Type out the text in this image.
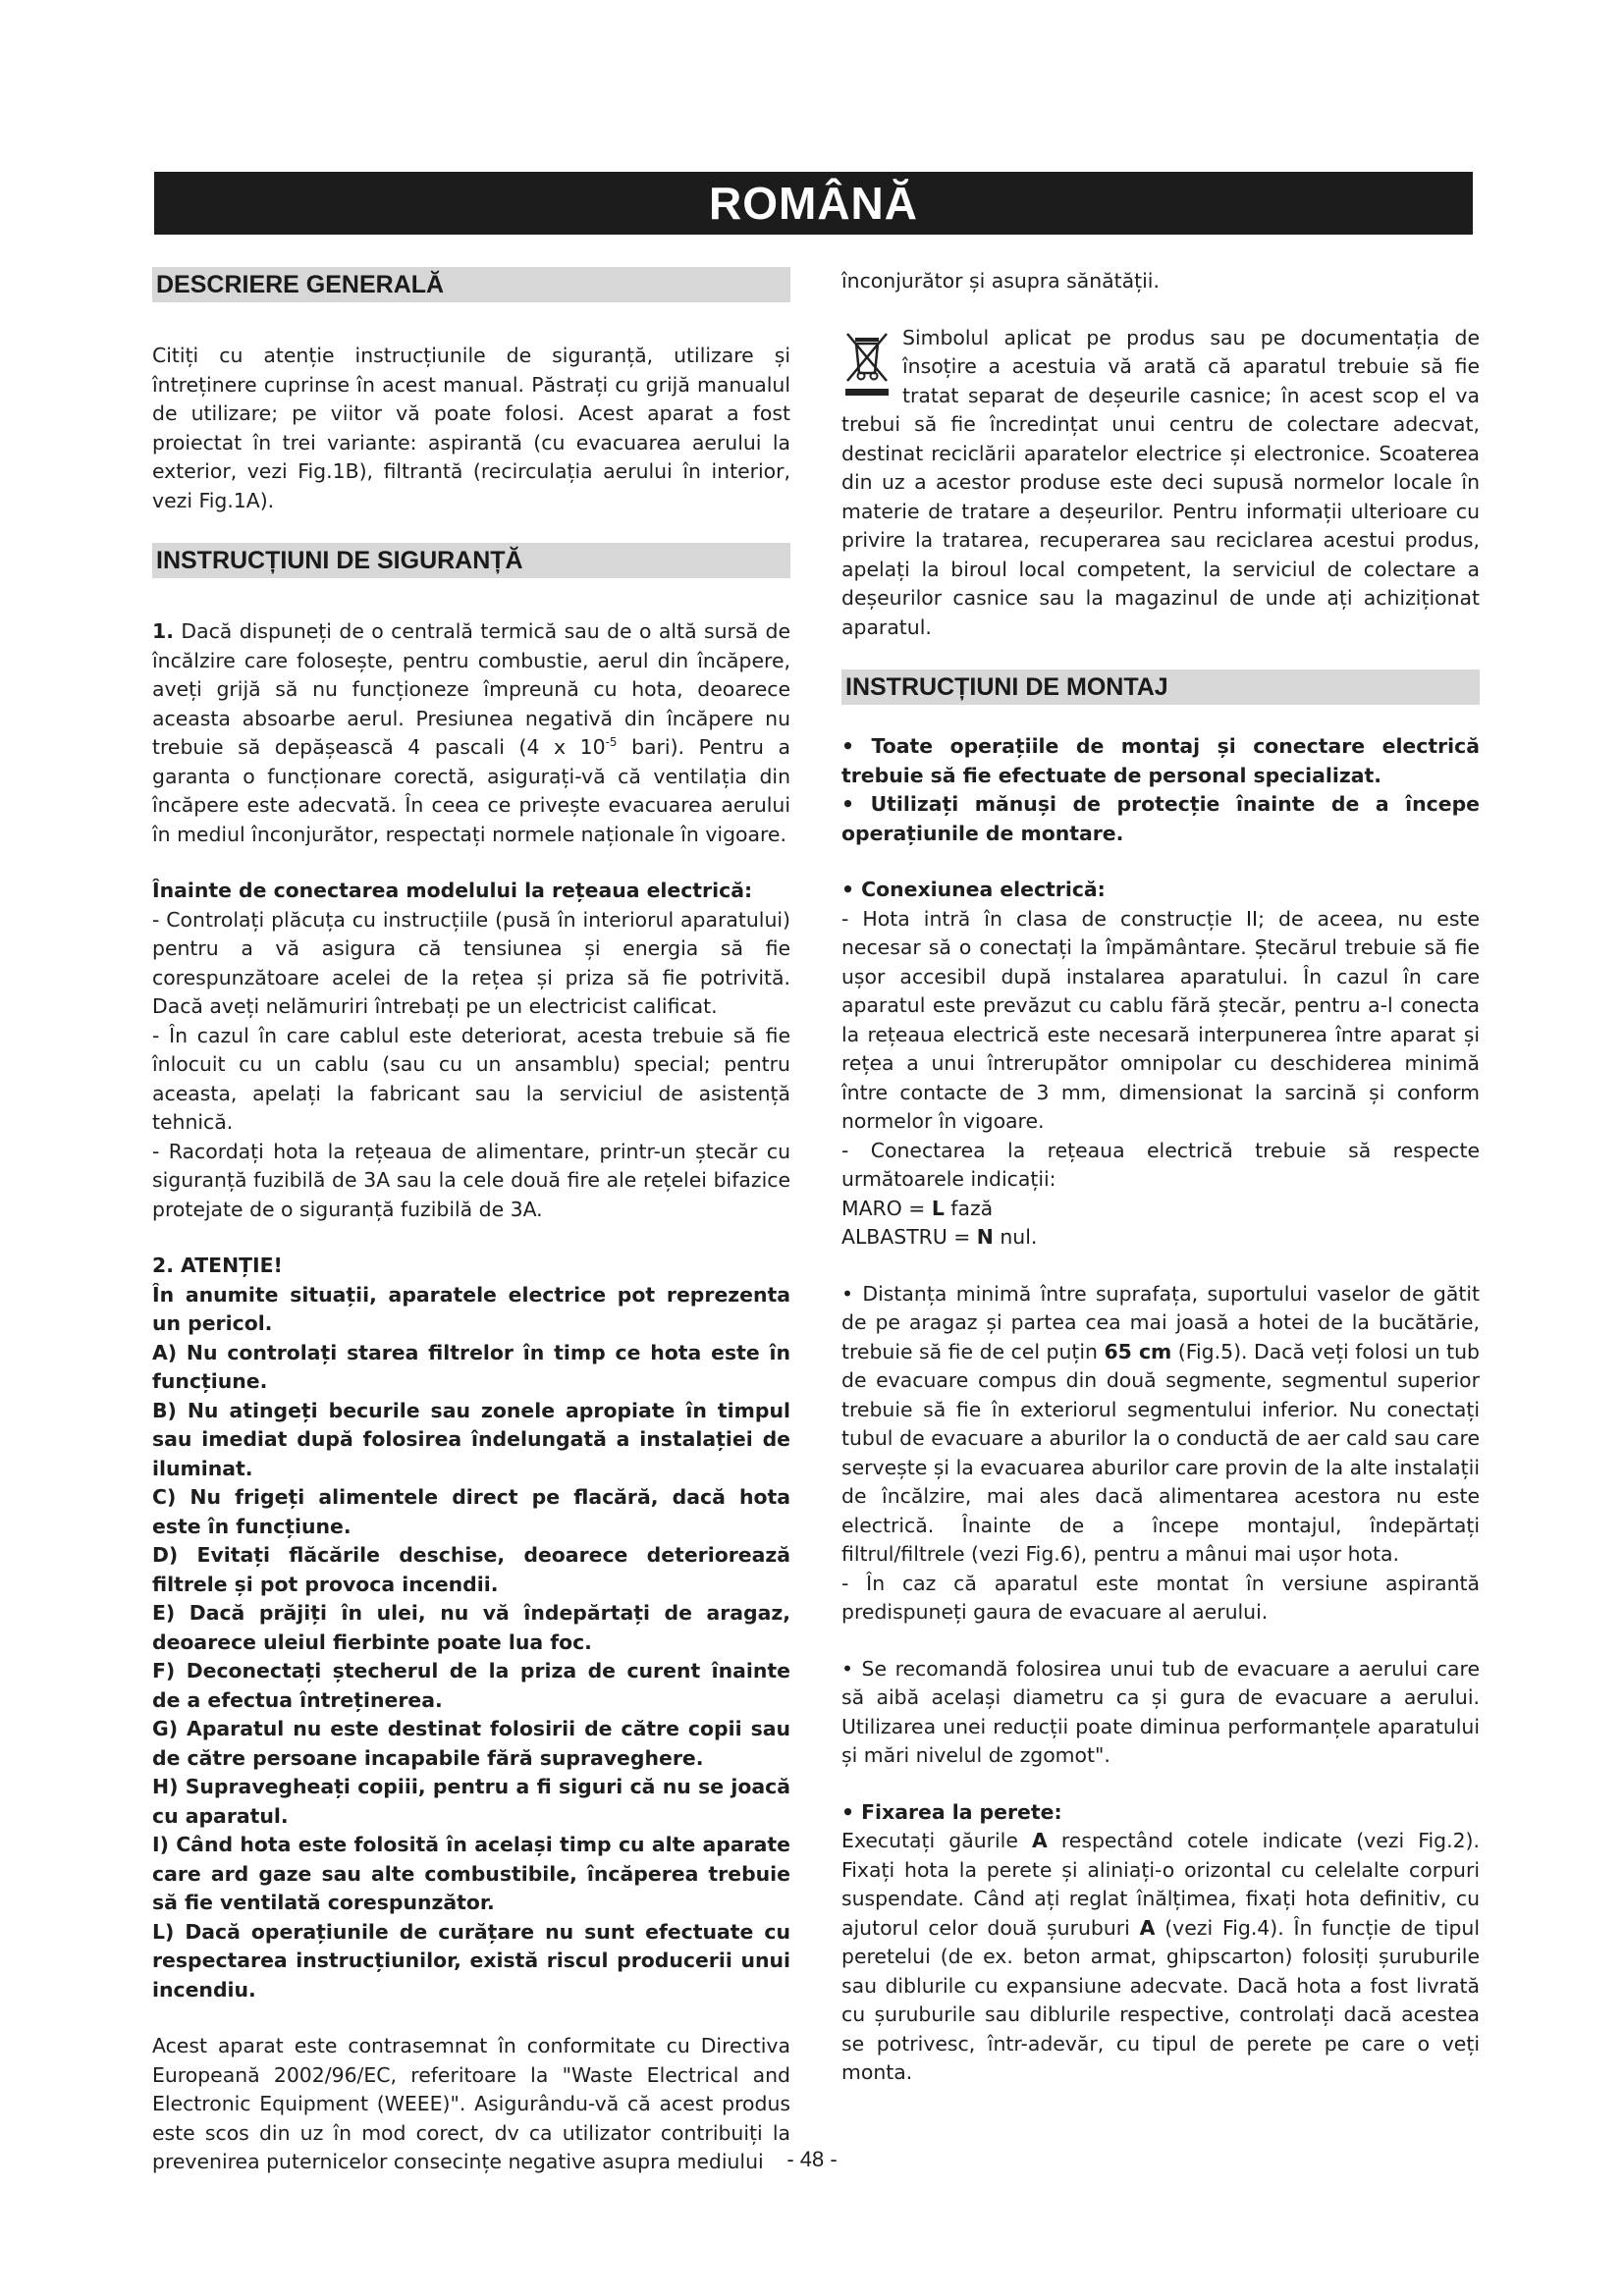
ROMÂNĂ	R
DESCRIERE GENERALĂ

Citiți cu atenție instrucțiunile de siguranță, utilizare și întreținere cuprinse în acest manual. Păstrați cu grijă manualul de utilizare; pe viitor vă poate folosi. Acest aparat a fost proiectat în trei variante: aspirantă (cu evacuarea aerului la exterior, vezi Fig.1B), filtrantă (recirculația aerului în interior, vezi Fig.1A).

INSTRUCȚIUNI DE SIGURANȚĂ

1. Dacă dispuneți de o centrală termică sau de o altă sursă de încălzire care folosește, pentru combustie, aerul din încăpere, aveți grijă să nu funcționeze împreună cu hota, deoarece aceasta absoarbe aerul. Presiunea negativă din încăpere nu trebuie să depășească 4 pascali (4 x $10^{-5}$ bari). Pentru a garanta o funcționare corectă, asigurați-vă că ventilația din încăpere este adecvată. În ceea ce privește evacuarea aerului în mediul înconjurător, respectați normele naționale în vigoare.

Înainte de conectarea modelului la rețeaua electrică:

- Controlați plăcuța cu instrucțiile (pusă în interiorul aparatului) pentru a vă asigura că tensiunea și energia să fie corespunzătoare acelei de la rețea și priza să fie potrivită. Dacă aveți nelămuriri întrebați pe un electricist calificat.

- În cazul în care cablul este deteriorat, acesta trebuie să fie înlocuit cu un cablu (sau cu un ansamblu) special; pentru aceasta, apelați la fabricant sau la serviciul de asistență tehnică.

- Racordați hota la rețeaua de alimentare, printr-un ștecăr cu siguranță fuzibilă de 3A sau la cele două fire ale rețelei bifazice protejate de o siguranță fuzibilă de 3A.

2. ATENȚIE!

În anumite situații, aparatele electrice pot reprezenta un pericol.

A) Nu controlați starea filtrelor în timp ce hota este în funcțiune.

B) Nu atingeți becurile sau zonele apropiate în timpul sau imediat după folosirea îndelungată a instalației de iluminat.

C) Nu frigeți alimentele direct pe flacără, dacă hota este în funcțiune.

D) Evitați flăcările deschise, deoarece deteriorează filtrele și pot provoca incendii.

E) Dacă prăjiți în ulei, nu vă îndepărtați de aragaz, deoarece uleiul fierbinte poate lua foc.

F) Deconectați ștecherul de la priza de curent înainte de a efectua întreținerea.

G) Aparatul nu este destinat folosirii de către copii sau de către persoane incapabile fără supraveghere.

H) Supravegheați copiii, pentru a fi siguri că nu se joacă cu aparatul.

I) Când hota este folosită în același timp cu alte aparate care ard gaze sau alte combustibile, încăperea trebuie să fie ventilată corespunzător.

L) Dacă operațiunile de curățare nu sunt efectuate cu respectarea instrucțiunilor, există riscul producerii unui incendiu.

Acest aparat este contrasemnat în conformitate cu Directiva Europeană 2002/96/EC, referitoare la "Waste Electrical and Electronic Equipment (WEEE)". Asigurându-vă că acest produs este scos din uz în mod corect, dv ca utilizator contribuiți la prevenirea puternicelor consecințe negative asupra mediului

înconjurător și asupra sănătății.

Simbolul aplicat pe produs sau pe documentația de însoțire a acestuia vă arată că aparatul trebuie să fie tratat separat de deșeurile casnice; în acest scop el va trebui să fie încredințat unui centru de colectare adecvat, destinat reciclării aparatelor electrice și electronice. Scoaterea din uz a acestor produse este deci supusă normelor locale în materie de tratare a deșeurilor. Pentru informații ulterioare cu privire la tratarea, recuperarea sau reciclarea acestui produs, apelați la biroul local competent, la serviciul de colectare a deșeurilor casnice sau la magazinul de unde ați achiziționat aparatul.

INSTRUCȚIUNI DE MONTAJ

• Toate operațiile de montaj și conectare electrică trebuie să fie efectuate de personal specializat.

• Utilizați mănuși de protecție înainte de a începe operațiunile de montare.

• Conexiunea electrică:

- Hota intră în clasa de construcție II; de aceea, nu este necesar să o conectați la împământare. Ștecărul trebuie să fie ușor accesibil după instalarea aparatului. În cazul în care aparatul este prevăzut cu cablu fără ștecăr, pentru a-l conecta la rețeaua electrică este necesară interpunerea între aparat și rețea a unui întrerupător omnipolar cu deschiderea minimă între contacte de 3 mm, dimensionat la sarcină și conform normelor în vigoare.

- Conectarea la rețeaua electrică trebuie să respecte următoarele indicații:

MARO = L fază

ALBASTRU = N nul.

• Distanța minimă între suprafața, suportului vaselor de gătit de pe aragaz și partea cea mai joasă a hotei de la bucătărie, trebuie să fie de cel puțin 65 cm (Fig.5). Dacă veți folosi un tub de evacuare compus din două segmente, segmentul superior trebuie să fie în exteriorul segmentului inferior. Nu conectați tubul de evacuare a aburilor la o conductă de aer cald sau care servește și la evacuarea aburilor care provin de la alte instalații de încălzire, mai ales dacă alimentarea acestora nu este electrică. Înainte de a începe montajul, îndepărtați filtrul/filtrele (vezi Fig.6), pentru a mânui mai ușor hota.

- În caz că aparatul este montat în versiune aspirantă predispuneți gaura de evacuare al aerului.

• Se recomandă folosirea unui tub de evacuare a aerului care să aibă același diametru ca și gura de evacuare a aerului. Utilizarea unei reducții poate diminua performanțele aparatului și mări nivelul de zgomot".

• Fixarea la perete:

Executați găurile A respectând cotele indicate (vezi Fig.2). Fixați hota la perete și aliniați-o orizontal cu celelalte corpuri suspendate. Când ați reglat înălțimea, fixați hota definitiv, cu ajutorul celor două șuruburi A (vezi Fig.4). În funcție de tipul peretelui (de ex. beton armat, ghipscarton) folosiți șuruburile sau diblurile cu expansiune adecvate. Dacă hota a fost livrată cu șuruburile sau diblurile respective, controlați dacă acestea se potrivesc, într-adevăr, cu tipul de perete pe care o veți monta.

- 48 -
